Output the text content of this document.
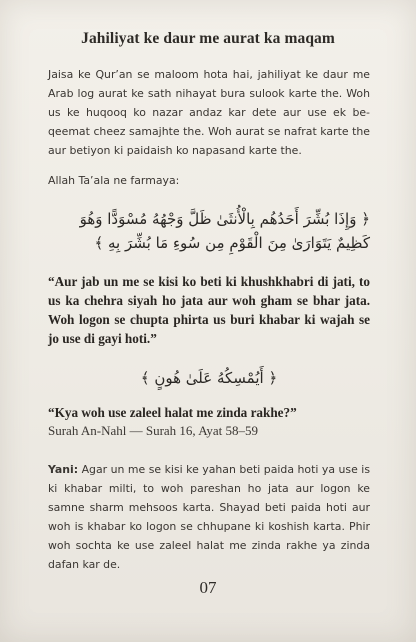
Jahiliyat ke daur me aurat ka maqam
Jaisa ke Qur’an se maloom hota hai, jahiliyat ke daur me Arab log aurat ke sath nihayat bura sulook karte the. Woh us ke huqooq ko nazar andaz kar dete aur use ek be-qeemat cheez samajhte the. Woh aurat se nafrat karte the aur betiyon ki paidaish ko napasand karte the.
Allah Ta’ala ne farmaya:
﴿ وَإِذَا بُشِّرَ أَحَدُهُم بِالْأُنثَىٰ ظَلَّ وَجْهُهُ مُسْوَدًّا وَهُوَ كَظِيمٌ يَتَوَارَىٰ مِنَ الْقَوْمِ مِن سُوءِ مَا بُشِّرَ بِهِ ﴾
“Aur jab un me se kisi ko beti ki khushkhabri di jati, to us ka chehra siyah ho jata aur woh gham se bhar jata. Woh logon se chupta phirta us buri khabar ki wajah se jo use di gayi hoti.”
﴿ أَيُمْسِكُهُ عَلَىٰ هُونٍ ﴾
“Kya woh use zaleel halat me zinda rakhe?”
Surah An-Nahl — Surah 16, Ayat 58–59
Yani: Agar un me se kisi ke yahan beti paida hoti ya use is ki khabar milti, to woh pareshan ho jata aur logon ke samne sharm mehsoos karta. Shayad beti paida hoti aur woh is khabar ko logon se chhupane ki koshish karta. Phir woh sochta ke use zaleel halat me zinda rakhe ya zinda dafan kar de.
07
